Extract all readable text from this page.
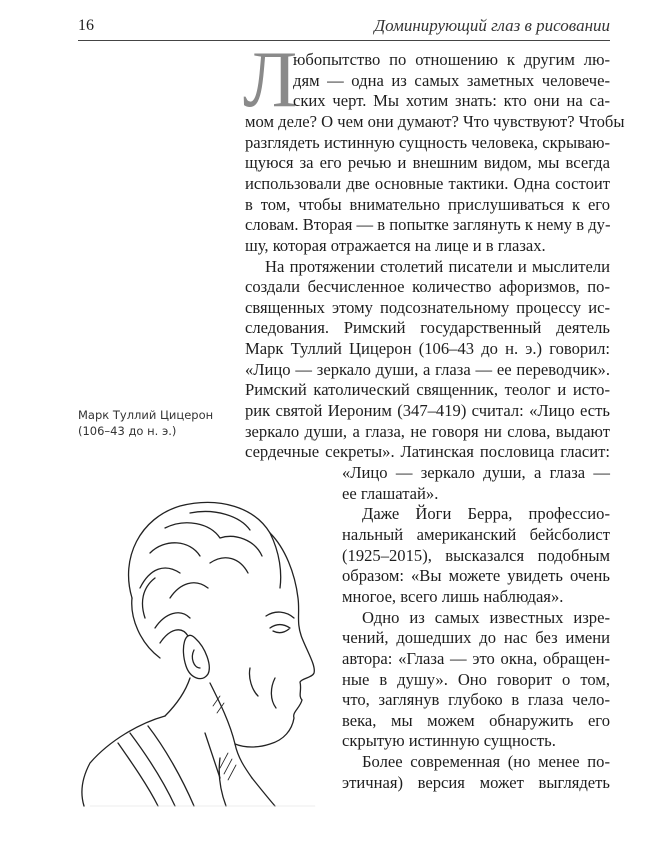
16	Доминирующий глаз в рисовании
Л
юбопытство по отношению к другим лю-
дям — одна из самых заметных человече-
ских черт. Мы хотим знать: кто они на са-
мом деле? О чем они думают? Что чувствуют? Чтобы
разглядеть истинную сущность человека, скрываю-
щуюся за его речью и внешним видом, мы всегда
использовали две основные тактики. Одна состоит
в том, чтобы внимательно прислушиваться к его
словам. Вторая — в попытке заглянуть к нему в ду-
шу, которая отражается на лице и в глазах.
На протяжении столетий писатели и мыслители
создали бесчисленное количество афоризмов, по-
священных этому подсознательному процессу ис-
следования. Римский государственный деятель
Марк Туллий Цицерон (106–43 до н. э.) говорил:
«Лицо — зеркало души, а глаза — ее переводчик».
Римский католический священник, теолог и исто-
рик святой Иероним (347–419) считал: «Лицо есть
зеркало души, а глаза, не говоря ни слова, выдают
сердечные секреты». Латинская пословица гласит:
«Лицо — зеркало души, а глаза —
ее глашатай».
Даже Йоги Берра, профессио-
нальный американский бейсболист
(1925–2015), высказался подобным
образом: «Вы можете увидеть очень
многое, всего лишь наблюдая».
Одно из самых известных изре-
чений, дошедших до нас без имени
автора: «Глаза — это окна, обращен-
ные в душу». Оно говорит о том,
что, заглянув глубоко в глаза чело-
века, мы можем обнаружить его
скрытую истинную сущность.
Более современная (но менее по-
этичная) версия может выглядеть
Марк Туллий Цицерон
(106–43 до н. э.)
